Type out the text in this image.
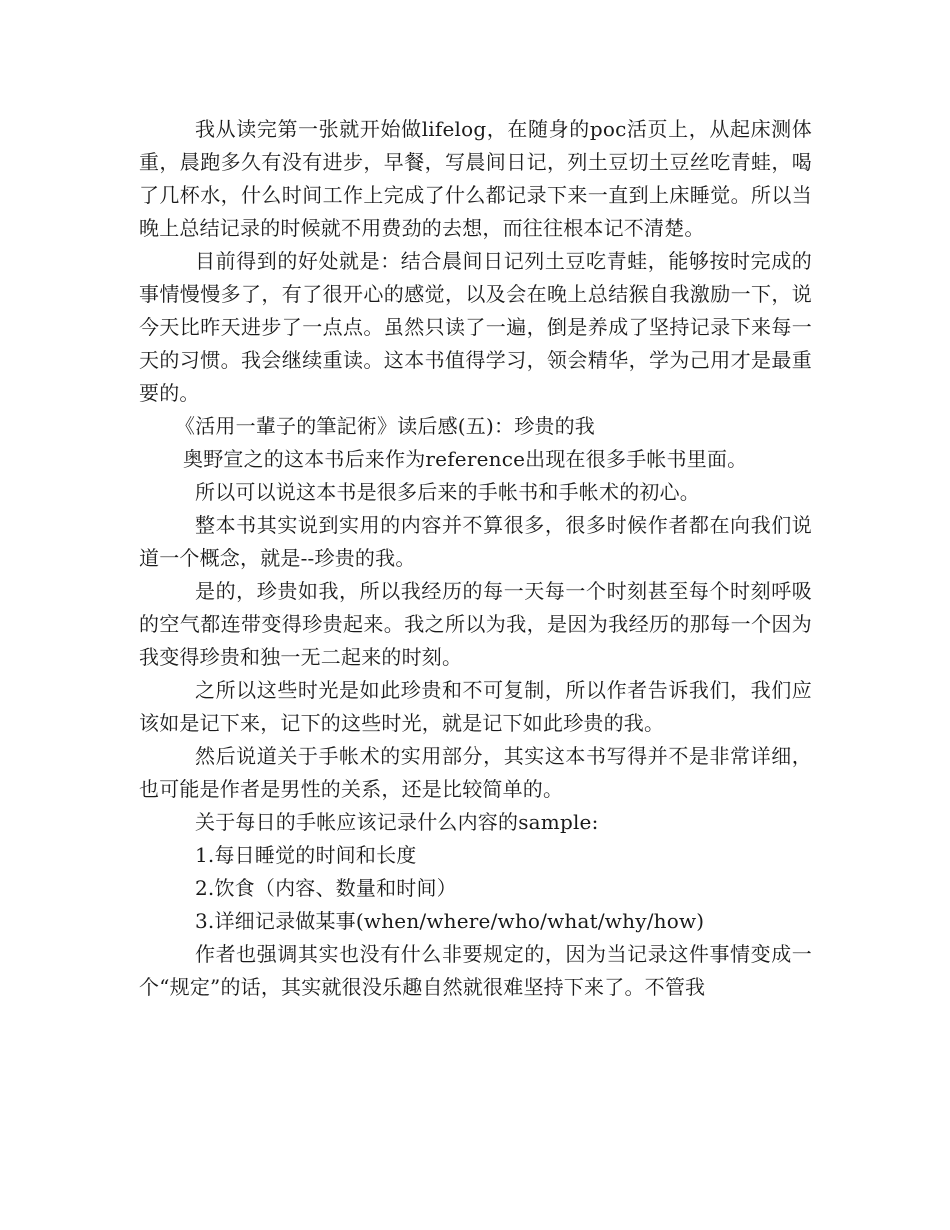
我从读完第一张就开始做lifelog，在随身的poc活页上，从起床测体重，晨跑多久有没有进步，早餐，写晨间日记，列土豆切土豆丝吃青蛙，喝了几杯水，什么时间工作上完成了什么都记录下来一直到上床睡觉。所以当晚上总结记录的时候就不用费劲的去想，而往往根本记不清楚。

目前得到的好处就是：结合晨间日记列土豆吃青蛙，能够按时完成的事情慢慢多了，有了很开心的感觉，以及会在晚上总结猴自我激励一下，说今天比昨天进步了一点点。虽然只读了一遍，倒是养成了坚持记录下来每一天的习惯。我会继续重读。这本书值得学习，领会精华，学为己用才是最重要的。

《活用一輩子的筆記術》读后感(五)：珍贵的我

奥野宣之的这本书后来作为reference出现在很多手帐书里面。

所以可以说这本书是很多后来的手帐书和手帐术的初心。

整本书其实说到实用的内容并不算很多，很多时候作者都在向我们说道一个概念，就是--珍贵的我。

是的，珍贵如我，所以我经历的每一天每一个时刻甚至每个时刻呼吸的空气都连带变得珍贵起来。我之所以为我，是因为我经历的那每一个因为我变得珍贵和独一无二起来的时刻。

之所以这些时光是如此珍贵和不可复制，所以作者告诉我们，我们应该如是记下来，记下的这些时光，就是记下如此珍贵的我。

然后说道关于手帐术的实用部分，其实这本书写得并不是非常详细，也可能是作者是男性的关系，还是比较简单的。

关于每日的手帐应该记录什么内容的sample:

1.每日睡觉的时间和长度

2.饮食（内容、数量和时间）

3.详细记录做某事(when/where/who/what/why/how)

作者也强调其实也没有什么非要规定的，因为当记录这件事情变成一个“规定”的话，其实就很没乐趣自然就很难坚持下来了。不管我
